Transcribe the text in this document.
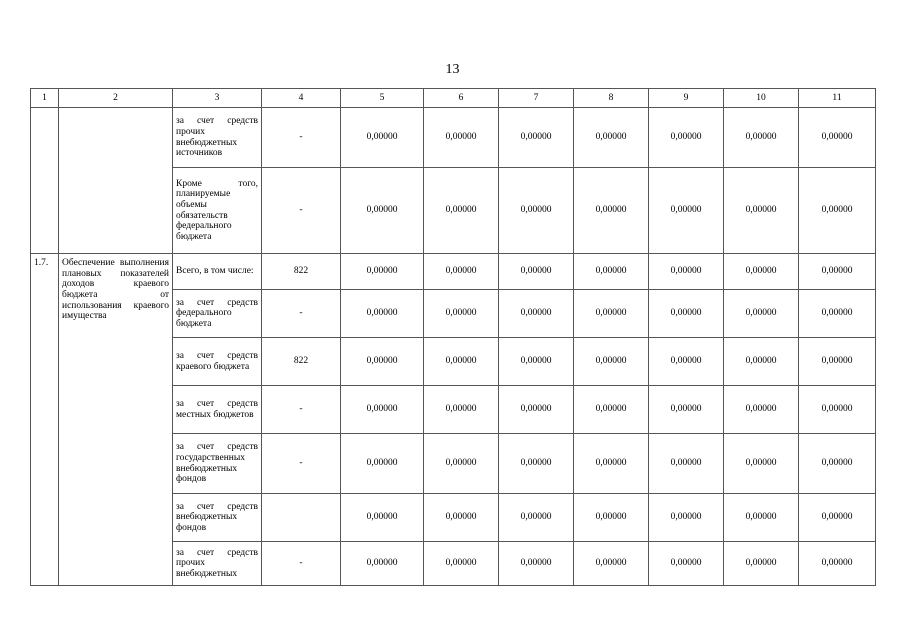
13
1	2	3	4	5	6	7	8	9	10	11
		за счет средств прочих внебюджетных источников	-	0,00000	0,00000	0,00000	0,00000	0,00000	0,00000	0,00000
		Кроме того, планируемые объемы обязательств федерального бюджета	-	0,00000	0,00000	0,00000	0,00000	0,00000	0,00000	0,00000
1.7.	Обеспечение выполнения плановых показателей доходов краевого бюджета от использования краевого имущества	Всего, в том числе:	822	0,00000	0,00000	0,00000	0,00000	0,00000	0,00000	0,00000
		за счет средств федерального бюджета	-	0,00000	0,00000	0,00000	0,00000	0,00000	0,00000	0,00000
		за счет средств краевого бюджета	822	0,00000	0,00000	0,00000	0,00000	0,00000	0,00000	0,00000
		за счет средств местных бюджетов	-	0,00000	0,00000	0,00000	0,00000	0,00000	0,00000	0,00000
		за счет средств государственных внебюджетных фондов	-	0,00000	0,00000	0,00000	0,00000	0,00000	0,00000	0,00000
		за счет средств внебюджетных фондов		0,00000	0,00000	0,00000	0,00000	0,00000	0,00000	0,00000
		за счет средств прочих внебюджетных	-	0,00000	0,00000	0,00000	0,00000	0,00000	0,00000	0,00000
